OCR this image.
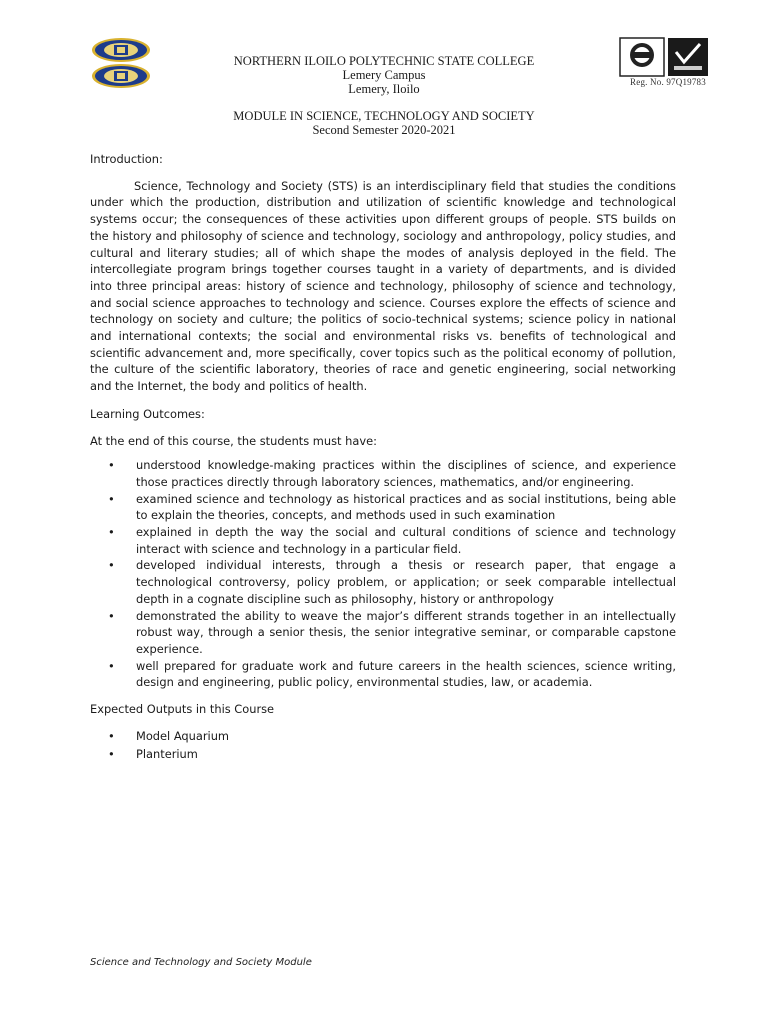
Reg. No. 97Q19783
NORTHERN ILOILO POLYTECHNIC STATE COLLEGE
Lemery Campus
Lemery, Iloilo
MODULE IN SCIENCE, TECHNOLOGY AND SOCIETY
Second Semester 2020-2021

Introduction:

Science, Technology and Society (STS) is an interdisciplinary field that studies the conditions under which the production, distribution and utilization of scientific knowledge and technological systems occur; the consequences of these activities upon different groups of people. STS builds on the history and philosophy of science and technology, sociology and anthropology, policy studies, and cultural and literary studies; all of which shape the modes of analysis deployed in the field. The intercollegiate program brings together courses taught in a variety of departments, and is divided into three principal areas: history of science and technology, philosophy of science and technology, and social science approaches to technology and science. Courses explore the effects of science and technology on society and culture; the politics of socio-technical systems; science policy in national and international contexts; the social and environmental risks vs. benefits of technological and scientific advancement and, more specifically, cover topics such as the political economy of pollution, the culture of the scientific laboratory, theories of race and genetic engineering, social networking and the Internet, the body and politics of health.

Learning Outcomes:

At the end of this course, the students must have:

• understood knowledge-making practices within the disciplines of science, and experience those practices directly through laboratory sciences, mathematics, and/or engineering.
• examined science and technology as historical practices and as social institutions, being able to explain the theories, concepts, and methods used in such examination
• explained in depth the way the social and cultural conditions of science and technology interact with science and technology in a particular field.
• developed individual interests, through a thesis or research paper, that engage a technological controversy, policy problem, or application; or seek comparable intellectual depth in a cognate discipline such as philosophy, history or anthropology
• demonstrated the ability to weave the major’s different strands together in an intellectually robust way, through a senior thesis, the senior integrative seminar, or comparable capstone experience.
• well prepared for graduate work and future careers in the health sciences, science writing, design and engineering, public policy, environmental studies, law, or academia.

Expected Outputs in this Course

• Model Aquarium
• Planterium
Science and Technology and Society Module
